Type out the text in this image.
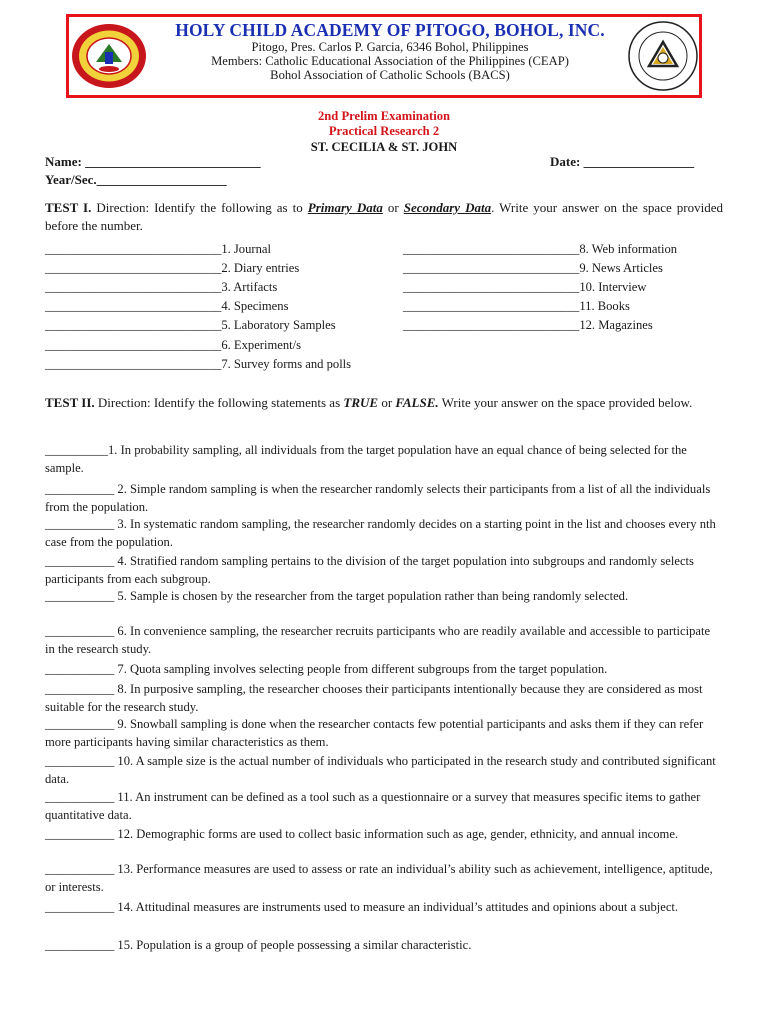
HOLY CHILD ACADEMY OF PITOGO, BOHOL, INC.
Pitogo, Pres. Carlos P. Garcia, 6346 Bohol, Philippines
Members: Catholic Educational Association of the Philippines (CEAP)
Bohol Association of Catholic Schools (BACS)
2nd Prelim Examination
Practical Research 2
ST. CECILIA & ST. JOHN
Name: ___________________________	Date: _________________
Year/Sec.____________________
TEST I. Direction: Identify the following as to Primary Data or Secondary Data. Write your answer on the space provided before the number.
____________________________1. Journal
____________________________2. Diary entries
____________________________3. Artifacts
____________________________4. Specimens
____________________________5. Laboratory Samples
____________________________6. Experiment/s
____________________________7. Survey forms and polls
____________________________8. Web information
____________________________9. News Articles
____________________________10. Interview
____________________________11. Books
____________________________12. Magazines
TEST II. Direction: Identify the following statements as TRUE or FALSE. Write your answer on the space provided below.
__________1. In probability sampling, all individuals from the target population have an equal chance of being selected for the sample.
___________ 2. Simple random sampling is when the researcher randomly selects their participants from a list of all the individuals from the population.
___________ 3. In systematic random sampling, the researcher randomly decides on a starting point in the list and chooses every nth case from the population.
___________ 4. Stratified random sampling pertains to the division of the target population into subgroups and randomly selects participants from each subgroup.
___________ 5. Sample is chosen by the researcher from the target population rather than being randomly selected.
___________ 6. In convenience sampling, the researcher recruits participants who are readily available and accessible to participate in the research study.
___________ 7. Quota sampling involves selecting people from different subgroups from the target population.
___________ 8. In purposive sampling, the researcher chooses their participants intentionally because they are considered as most suitable for the research study.
___________ 9. Snowball sampling is done when the researcher contacts few potential participants and asks them if they can refer more participants having similar characteristics as them.
___________ 10. A sample size is the actual number of individuals who participated in the research study and contributed significant data.
___________ 11. An instrument can be defined as a tool such as a questionnaire or a survey that measures specific items to gather quantitative data.
___________ 12. Demographic forms are used to collect basic information such as age, gender, ethnicity, and annual income.
___________ 13. Performance measures are used to assess or rate an individual’s ability such as achievement, intelligence, aptitude, or interests.
___________ 14. Attitudinal measures are instruments used to measure an individual’s attitudes and opinions about a subject.
___________ 15. Population is a group of people possessing a similar characteristic.
